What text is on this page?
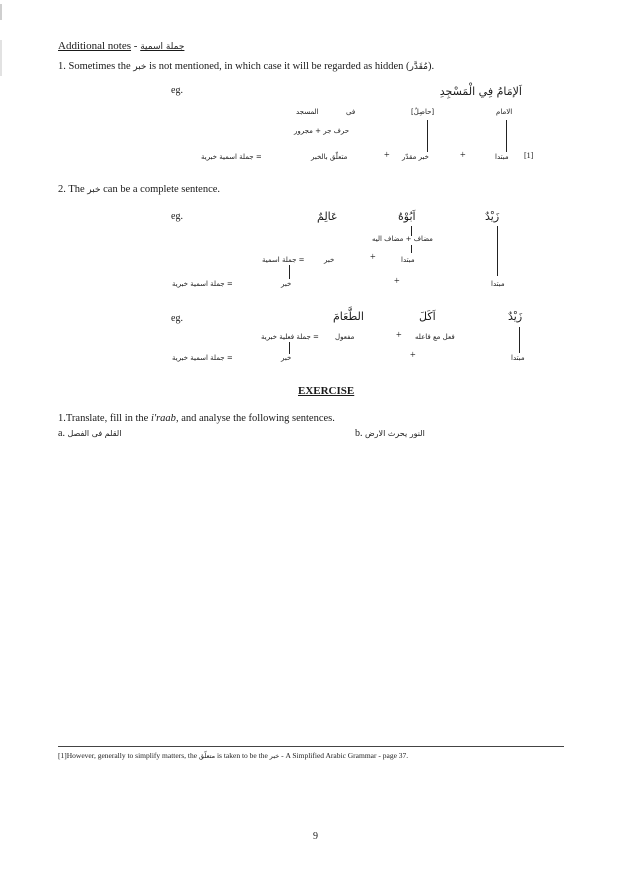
Additional notes - جملة اسمية
1. Sometimes the خبر is not mentioned, in which case it will be regarded as hidden (مُقَدَّر).
eg.	اَلإمَامُ فِي الْمَسْجِدِ
الامام
[حاصِلٌ]
فى
المسجد
حرف جر + مجرور
[1]
مبتدا
+
خبر مقدّر
+
متعلّق بالخبر
= جملة اسمية خبرية
2. The خبر can be a complete sentence.
eg.	زَيْدٌ
اَبُوْهُ
عَالِمٌ
مضاف + مضاف اليه
مبتدا
+
خبر
= جملة اسمية
مبتدا
+
خبر
= جملة اسمية خبرية
eg.	زَيْدٌ
اَكَلَ
الطَّعَامَ
فعل مع فاعله
+
مفعول
= جملة فعلية خبرية
مبتدا
+
خبر
= جملة اسمية خبرية
EXERCISE
1.Translate, fill in the i'raab, and analyse the following sentences.
a. القلم فى الفصل	b. النور يحرث الارض
[1]However, generally to simplify matters, the متعلّق is taken to be the خبر - A Simplified Arabic Grammar - page 37.
9
